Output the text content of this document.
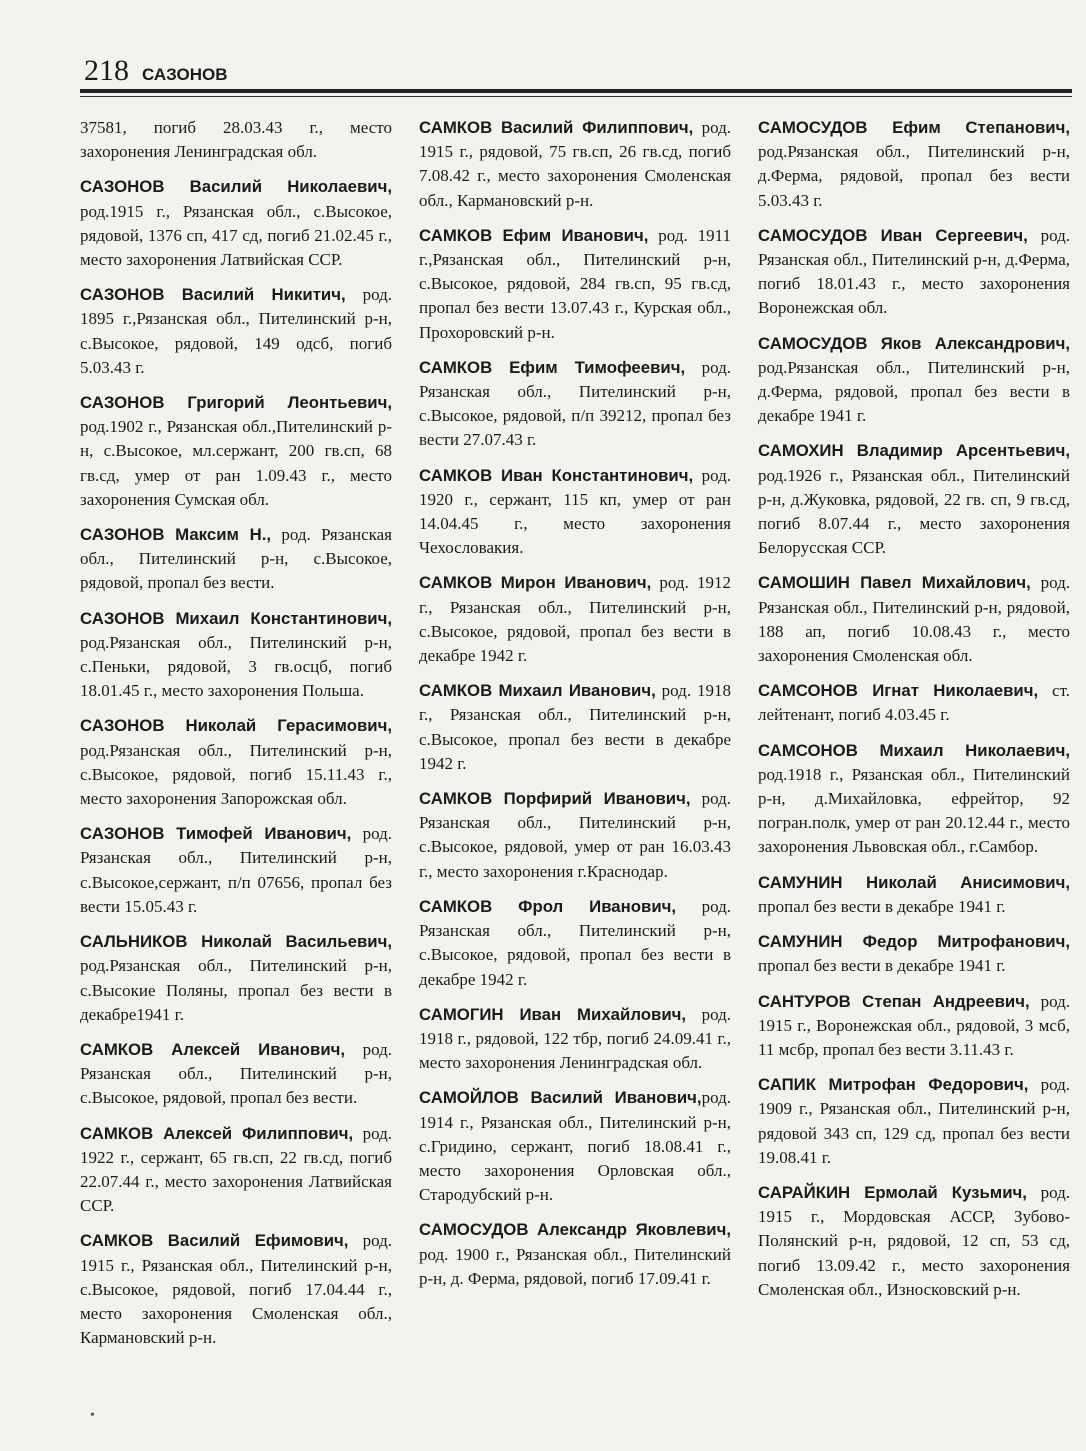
218 САЗОНОВ

37581, погиб 28.03.43 г., место захоронения Ленинградская обл.

САЗОНОВ Василий Николаевич, род.1915 г., Рязанская обл., с.Высокое, рядовой, 1376 сп, 417 сд, погиб 21.02.45 г., место захоронения Латвийская ССР.

САЗОНОВ Василий Никитич, род. 1895 г.,Рязанская обл., Пителинский р-н, с.Высокое, рядовой, 149 одсб, погиб 5.03.43 г.

САЗОНОВ Григорий Леонтьевич, род.1902 г., Рязанская обл.,Пителинский р-н, с.Высокое, мл.сержант, 200 гв.сп, 68 гв.сд, умер от ран 1.09.43 г., место захоронения Сумская обл.

САЗОНОВ Максим Н., род. Рязанская обл., Пителинский р-н, с.Высокое, рядовой, пропал без вести.

САЗОНОВ Михаил Константинович, род.Рязанская обл., Пителинский р-н, с.Пеньки, рядовой, 3 гв.осцб, погиб 18.01.45 г., место захоронения Польша.

САЗОНОВ Николай Герасимович, род.Рязанская обл., Пителинский р-н, с.Высокое, рядовой, погиб 15.11.43 г., место захоронения Запорожская обл.

САЗОНОВ Тимофей Иванович, род. Рязанская обл., Пителинский р-н, с.Высокое,сержант, п/п 07656, пропал без вести 15.05.43 г.

САЛЬНИКОВ Николай Васильевич, род.Рязанская обл., Пителинский р-н, с.Высокие Поляны, пропал без вести в декабре1941 г.

САМКОВ Алексей Иванович, род. Рязанская обл., Пителинский р-н, с.Высокое, рядовой, пропал без вести.

САМКОВ Алексей Филиппович, род. 1922 г., сержант, 65 гв.сп, 22 гв.сд, погиб 22.07.44 г., место захоронения Латвийская ССР.

САМКОВ Василий Ефимович, род. 1915 г., Рязанская обл., Пителинский р-н, с.Высокое, рядовой, погиб 17.04.44 г., место захоронения Смоленская обл., Кармановский р-н.

САМКОВ Василий Филиппович, род. 1915 г., рядовой, 75 гв.сп, 26 гв.сд, погиб 7.08.42 г., место захоронения Смоленская обл., Кармановский р-н.

САМКОВ Ефим Иванович, род. 1911 г.,Рязанская обл., Пителинский р-н, с.Высокое, рядовой, 284 гв.сп, 95 гв.сд, пропал без вести 13.07.43 г., Курская обл., Прохоровский р-н.

САМКОВ Ефим Тимофеевич, род. Рязанская обл., Пителинский р-н, с.Высокое, рядовой, п/п 39212, пропал без вести 27.07.43 г.

САМКОВ Иван Константинович, род. 1920 г., сержант, 115 кп, умер от ран 14.04.45 г., место захоронения Чехословакия.

САМКОВ Мирон Иванович, род. 1912 г., Рязанская обл., Пителинский р-н, с.Высокое, рядовой, пропал без вести в декабре 1942 г.

САМКОВ Михаил Иванович, род. 1918 г., Рязанская обл., Пителинский р-н, с.Высокое, пропал без вести в декабре 1942 г.

САМКОВ Порфирий Иванович, род. Рязанская обл., Пителинский р-н, с.Высокое, рядовой, умер от ран 16.03.43 г., место захоронения г.Краснодар.

САМКОВ Фрол Иванович, род. Рязанская обл., Пителинский р-н, с.Высокое, рядовой, пропал без вести в декабре 1942 г.

САМОГИН Иван Михайлович, род. 1918 г., рядовой, 122 тбр, погиб 24.09.41 г., место захоронения Ленинградская обл.

САМОЙЛОВ Василий Иванович,род. 1914 г., Рязанская обл., Пителинский р-н, с.Гридино, сержант, погиб 18.08.41 г., место захоронения Орловская обл., Стародубский р-н.

САМОСУДОВ Александр Яковлевич, род. 1900 г., Рязанская обл., Пителинский р-н, д. Ферма, рядовой, погиб 17.09.41 г.

САМОСУДОВ Ефим Степанович, род.Рязанская обл., Пителинский р-н, д.Ферма, рядовой, пропал без вести 5.03.43 г.

САМОСУДОВ Иван Сергеевич, род. Рязанская обл., Пителинский р-н, д.Ферма, погиб 18.01.43 г., место захоронения Воронежская обл.

САМОСУДОВ Яков Александрович, род.Рязанская обл., Пителинский р-н, д.Ферма, рядовой, пропал без вести в декабре 1941 г.

САМОХИН Владимир Арсентьевич, род.1926 г., Рязанская обл., Пителинский р-н, д.Жуковка, рядовой, 22 гв. сп, 9 гв.сд, погиб 8.07.44 г., место захоронения Белорусская ССР.

САМОШИН Павел Михайлович, род. Рязанская обл., Пителинский р-н, рядовой, 188 ап, погиб 10.08.43 г., место захоронения Смоленская обл.

САМСОНОВ Игнат Николаевич, ст. лейтенант, погиб 4.03.45 г.

САМСОНОВ Михаил Николаевич, род.1918 г., Рязанская обл., Пителинский р-н, д.Михайловка, ефрейтор, 92 погран.полк, умер от ран 20.12.44 г., место захоронения Львовская обл., г.Самбор.

САМУНИН Николай Анисимович, пропал без вести в декабре 1941 г.

САМУНИН Федор Митрофанович, пропал без вести в декабре 1941 г.

САНТУРОВ Степан Андреевич, род. 1915 г., Воронежская обл., рядовой, 3 мсб, 11 мсбр, пропал без вести 3.11.43 г.

САПИК Митрофан Федорович, род. 1909 г., Рязанская обл., Пителинский р-н, рядовой 343 сп, 129 сд, пропал без вести 19.08.41 г.

САРАЙКИН Ермолай Кузьмич, род. 1915 г., Мордовская АССР, Зубово-Полянский р-н, рядовой, 12 сп, 53 сд, погиб 13.09.42 г., место захоронения Смоленская обл., Износковский р-н.

•
